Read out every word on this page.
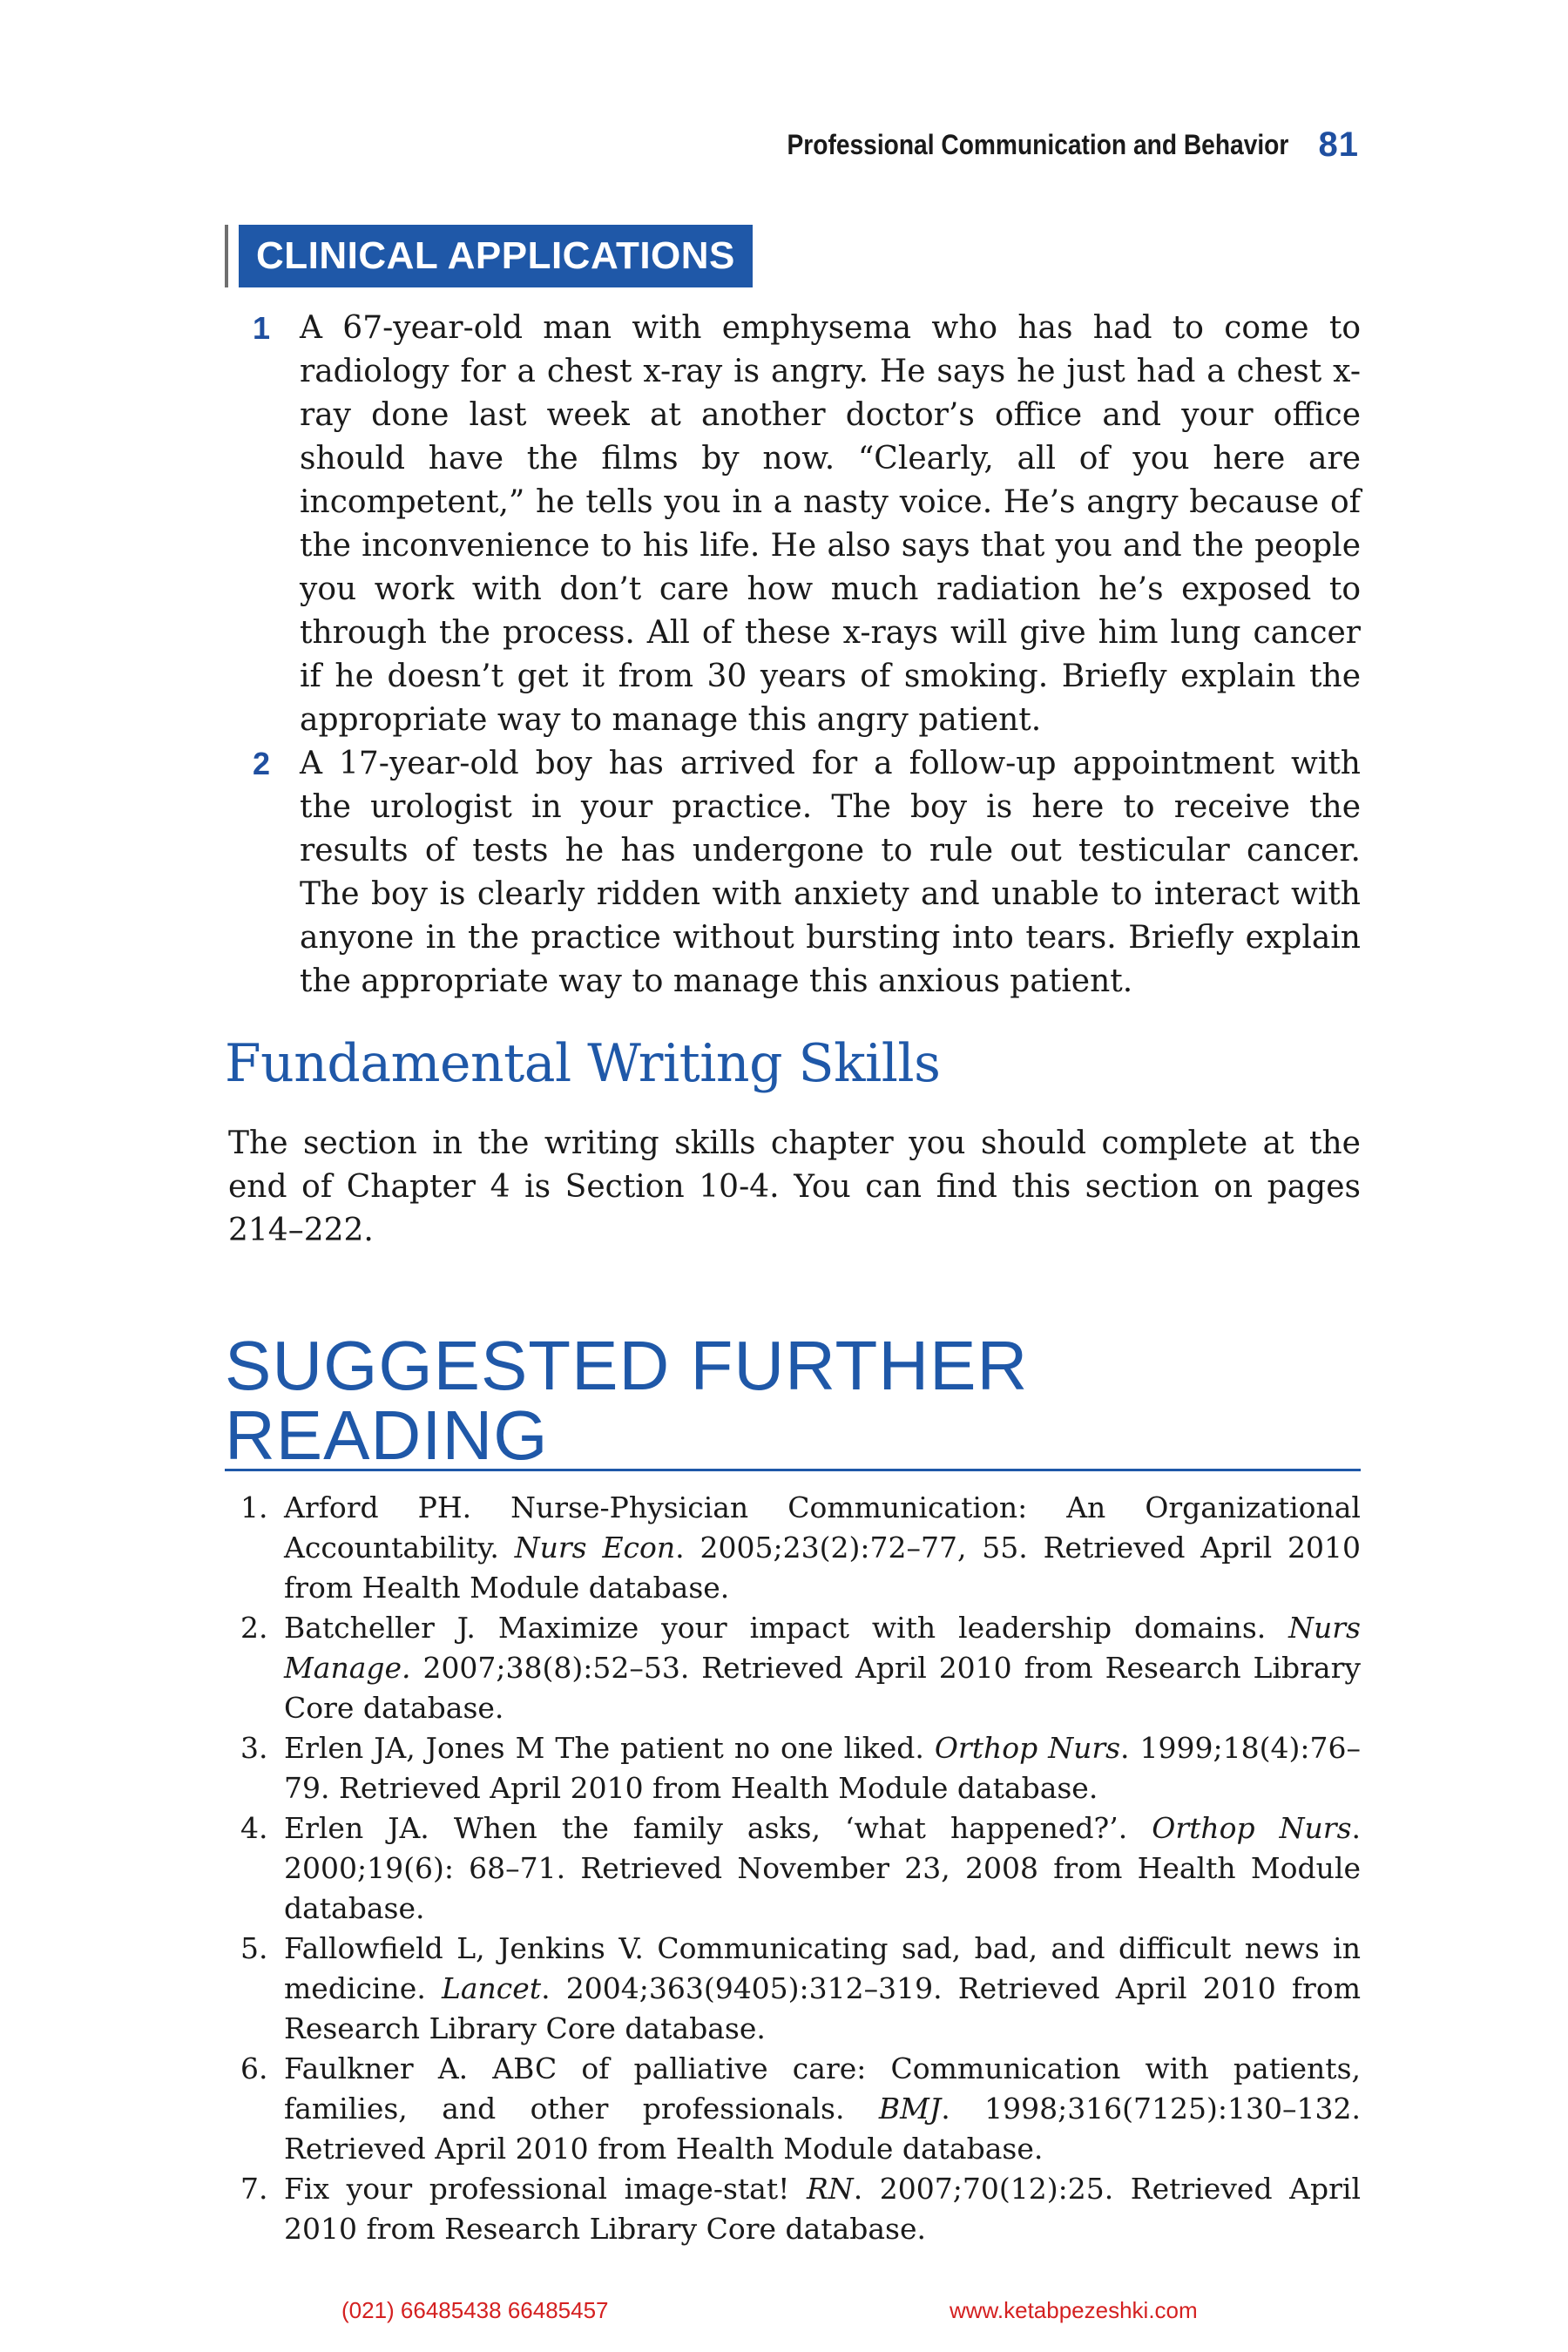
Professional Communication and Behavior 81
CLINICAL APPLICATIONS
1 A 67-year-old man with emphysema who has had to come to radiology for a chest x-ray is angry. He says he just had a chest x-ray done last week at another doctor’s office and your office should have the films by now. “Clearly, all of you here are incompetent,” he tells you in a nasty voice. He’s angry because of the inconvenience to his life. He also says that you and the people you work with don’t care how much radiation he’s exposed to through the process. All of these x-rays will give him lung cancer if he doesn’t get it from 30 years of smoking. Briefly explain the appropriate way to manage this angry patient.
2 A 17-year-old boy has arrived for a follow-up appointment with the urologist in your practice. The boy is here to receive the results of tests he has undergone to rule out testicular cancer. The boy is clearly ridden with anxiety and unable to interact with anyone in the practice without bursting into tears. Briefly explain the appropriate way to manage this anxious patient.
Fundamental Writing Skills

The section in the writing skills chapter you should complete at the end of Chapter 4 is Section 10-4. You can find this section on pages 214–222.

SUGGESTED FURTHER READING
1. Arford PH. Nurse-Physician Communication: An Organizational Accountability. Nurs Econ. 2005;23(2):72–77, 55. Retrieved April 2010 from Health Module database.
2. Batcheller J. Maximize your impact with leadership domains. Nurs Manage. 2007;38(8):52–53. Retrieved April 2010 from Research Library Core database.
3. Erlen JA, Jones M The patient no one liked. Orthop Nurs. 1999;18(4):76–79. Retrieved April 2010 from Health Module database.
4. Erlen JA. When the family asks, ‘what happened?’. Orthop Nurs. 2000;19(6): 68–71. Retrieved November 23, 2008 from Health Module database.
5. Fallowfield L, Jenkins V. Communicating sad, bad, and difficult news in medicine. Lancet. 2004;363(9405):312–319. Retrieved April 2010 from Research Library Core database.
6. Faulkner A. ABC of palliative care: Communication with patients, families, and other professionals. BMJ. 1998;316(7125):130–132. Retrieved April 2010 from Health Module database.
7. Fix your professional image-stat! RN. 2007;70(12):25. Retrieved April 2010 from Research Library Core database.
(021) 66485438 66485457	www.ketabpezeshki.com
